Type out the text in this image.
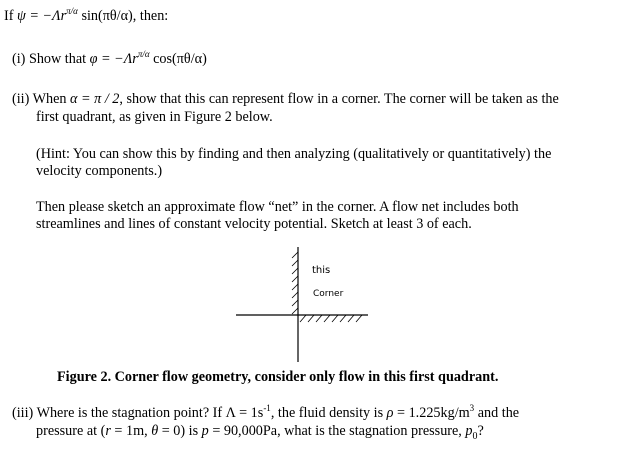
If $\psi = -\Lambda r^{\pi/\alpha}$ sin(πθ/α), then:
(i) Show that $\varphi = -\Lambda r^{\pi/\alpha}$ cos(πθ/α)
(ii) When α = π / 2, show that this can represent flow in a corner. The corner will be taken as the
first quadrant, as given in Figure 2 below.
(Hint: You can show this by finding and then analyzing (qualitatively or quantitatively) the
velocity components.)
Then please sketch an approximate flow “net” in the corner. A flow net includes both
streamlines and lines of constant velocity potential. Sketch at least 3 of each.
this
Corner
Figure 2. Corner flow geometry, consider only flow in this first quadrant.
(iii) Where is the stagnation point? If $\Lambda = 1s^{-1}$, the fluid density is $\rho = 1.225kg/m^3$ and the
pressure at (r = 1m, θ = 0) is p = 90,000Pa, what is the stagnation pressure, $p_0$?
